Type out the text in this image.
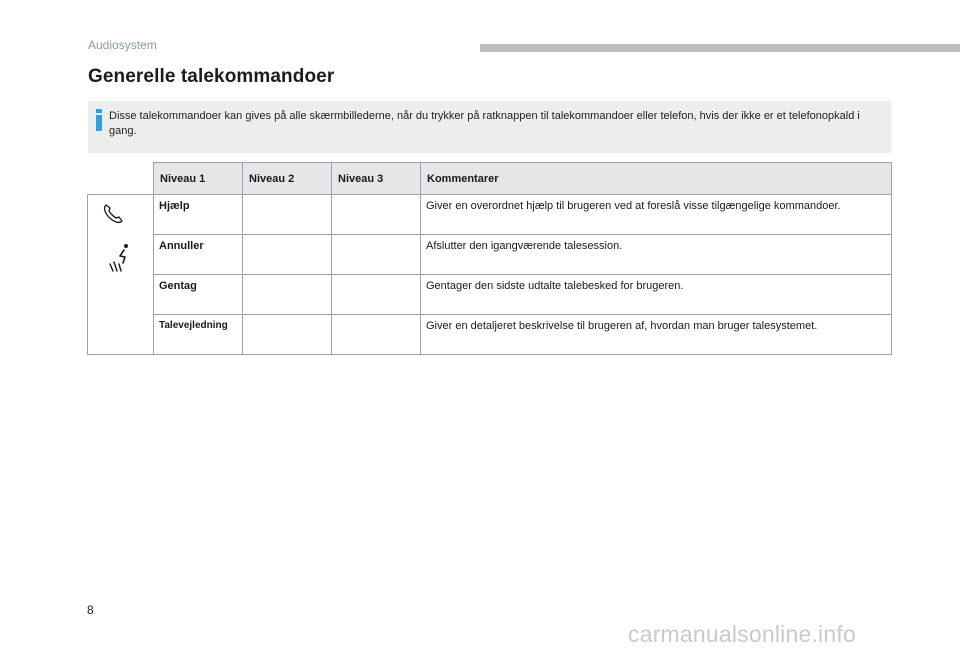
Audiosystem
Generelle talekommandoer
Disse talekommandoer kan gives på alle skærmbillederne, når du trykker på ratknappen til talekommandoer eller telefon, hvis der ikke er et telefonopkald i gang.
	Niveau 1	Niveau 2	Niveau 3	Kommentarer

	Hjælp			Giver en overordnet hjælp til brugeren ved at foreslå visse tilgængelige kommandoer.
	Annuller			Afslutter den igangværende talesession.
	Gentag			Gentager den sidste udtalte talebesked for brugeren.
	Talevejledning			Giver en detaljeret beskrivelse til brugeren af, hvordan man bruger talesystemet.
8
carmanualsonline.info
